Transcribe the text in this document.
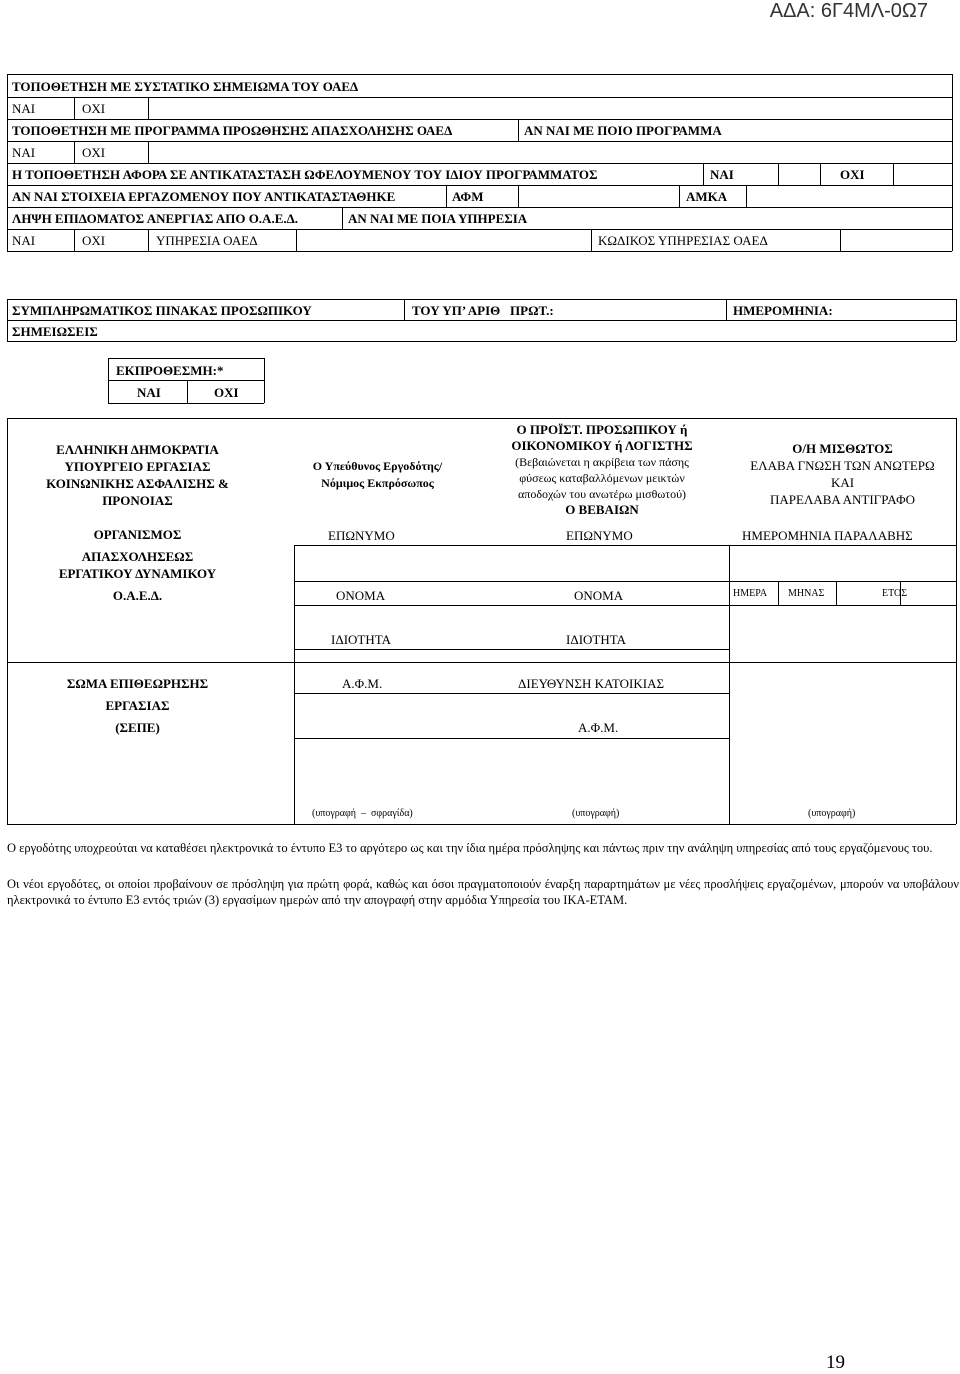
ΑΔΑ: 6Γ4ΜΛ-0Ω7
ΤΟΠΟΘΕΤΗΣΗ ΜΕ ΣΥΣΤΑΤΙΚΟ ΣΗΜΕΙΩΜΑ ΤΟΥ ΟΑΕΔ
ΝΑΙ	ΟΧΙ
ΤΟΠΟΘΕΤΗΣΗ ΜΕ ΠΡΟΓΡΑΜΜΑ ΠΡΟΩΘΗΣΗΣ ΑΠΑΣΧΟΛΗΣΗΣ ΟΑΕΔ	ΑΝ ΝΑΙ ΜΕ ΠΟΙΟ ΠΡΟΓΡΑΜΜΑ
ΝΑΙ	ΟΧΙ
Η ΤΟΠΟΘΕΤΗΣΗ ΑΦΟΡΑ ΣΕ ΑΝΤΙΚΑΤΑΣΤΑΣΗ ΩΦΕΛΟΥΜΕΝΟΥ ΤΟΥ ΙΔΙΟΥ ΠΡΟΓΡΑΜΜΑΤΟΣ	ΝΑΙ	ΟΧΙ
ΑΝ ΝΑΙ ΣΤΟΙΧΕΙΑ ΕΡΓΑΖΟΜΕΝΟΥ ΠΟΥ ΑΝΤΙΚΑΤΑΣΤΑΘΗΚΕ	ΑΦΜ	ΑΜΚΑ
ΛΗΨΗ ΕΠΙΔΟΜΑΤΟΣ ΑΝΕΡΓΙΑΣ ΑΠΟ Ο.Α.Ε.Δ.	ΑΝ ΝΑΙ ΜΕ ΠΟΙΑ ΥΠΗΡΕΣΙΑ
ΝΑΙ	ΟΧΙ	ΥΠΗΡΕΣΙΑ ΟΑΕΔ	ΚΩΔΙΚΟΣ ΥΠΗΡΕΣΙΑΣ ΟΑΕΔ
ΣΥΜΠΛΗΡΩΜΑΤΙΚΟΣ ΠΙΝΑΚΑΣ ΠΡΟΣΩΠΙΚΟΥ	ΤΟΥ ΥΠ’ ΑΡΙΘ   ΠΡΩΤ.:	ΗΜΕΡΟΜΗΝΙΑ:
ΣΗΜΕΙΩΣΕΙΣ
ΕΚΠΡΟΘΕΣΜΗ:*
ΝΑΙ	ΟΧΙ
ΕΛΛΗΝΙΚΗ ΔΗΜΟΚΡΑΤΙΑ
ΥΠΟΥΡΓΕΙΟ ΕΡΓΑΣΙΑΣ
ΚΟΙΝΩΝΙΚΗΣ ΑΣΦΑΛΙΣΗΣ &
ΠΡΟΝΟΙΑΣ
ΟΡΓΑΝΙΣΜΟΣ
ΑΠΑΣΧΟΛΗΣΕΩΣ
ΕΡΓΑΤΙΚΟΥ ΔΥΝΑΜΙΚΟΥ
Ο.Α.Ε.Δ.
Ο Υπεύθυνος Εργοδότης/
Νόμιμος Εκπρόσωπος
Ο ΠΡΟΪΣΤ. ΠΡΟΣΩΠΙΚΟΥ ή
ΟΙΚΟΝΟΜΙΚΟΥ ή ΛΟΓΙΣΤΗΣ
(Βεβαιώνεται η ακρίβεια των πάσης
φύσεως καταβαλλόμενων μεικτών
αποδοχών του ανωτέρω μισθωτού)
Ο ΒΕΒΑΙΩΝ
Ο/Η ΜΙΣΘΩΤΟΣ
ΕΛΑΒΑ ΓΝΩΣΗ ΤΩΝ ΑΝΩΤΕΡΩ
ΚΑΙ
ΠΑΡΕΛΑΒΑ ΑΝΤΙΓΡΑΦΟ
ΕΠΩΝΥΜΟ	ΕΠΩΝΥΜΟ	ΗΜΕΡΟΜΗΝΙΑ ΠΑΡΑΛΑΒΗΣ
ΟΝΟΜΑ	ΟΝΟΜΑ	ΗΜΕΡΑ ΜΗΝΑΣ	ΕΤΟΣ
ΙΔΙΟΤΗΤΑ	ΙΔΙΟΤΗΤΑ
ΣΩΜΑ ΕΠΙΘΕΩΡΗΣΗΣ
ΕΡΓΑΣΙΑΣ
(ΣΕΠΕ)
Α.Φ.Μ.	ΔΙΕΥΘΥΝΣΗ ΚΑΤΟΙΚΙΑΣ
Α.Φ.Μ.
(υπογραφή  –  σφραγίδα)	(υπογραφή)	(υπογραφή)
Ο εργοδότης υποχρεούται να καταθέσει ηλεκτρονικά το έντυπο Ε3 το αργότερο ως και την ίδια ημέρα πρόσληψης και πάντως πριν την ανάληψη υπηρεσίας από τους εργαζόμενους του.
Οι νέοι εργοδότες, οι οποίοι προβαίνουν σε πρόσληψη για πρώτη φορά, καθώς και όσοι πραγματοποιούν έναρξη παραρτημάτων με νέες προσλήψεις εργαζομένων, μπορούν να υποβάλουν ηλεκτρονικά το έντυπο Ε3 εντός τριών (3) εργασίμων ημερών από την απογραφή στην αρμόδια Υπηρεσία του ΙΚΑ-ΕΤΑΜ.
19
